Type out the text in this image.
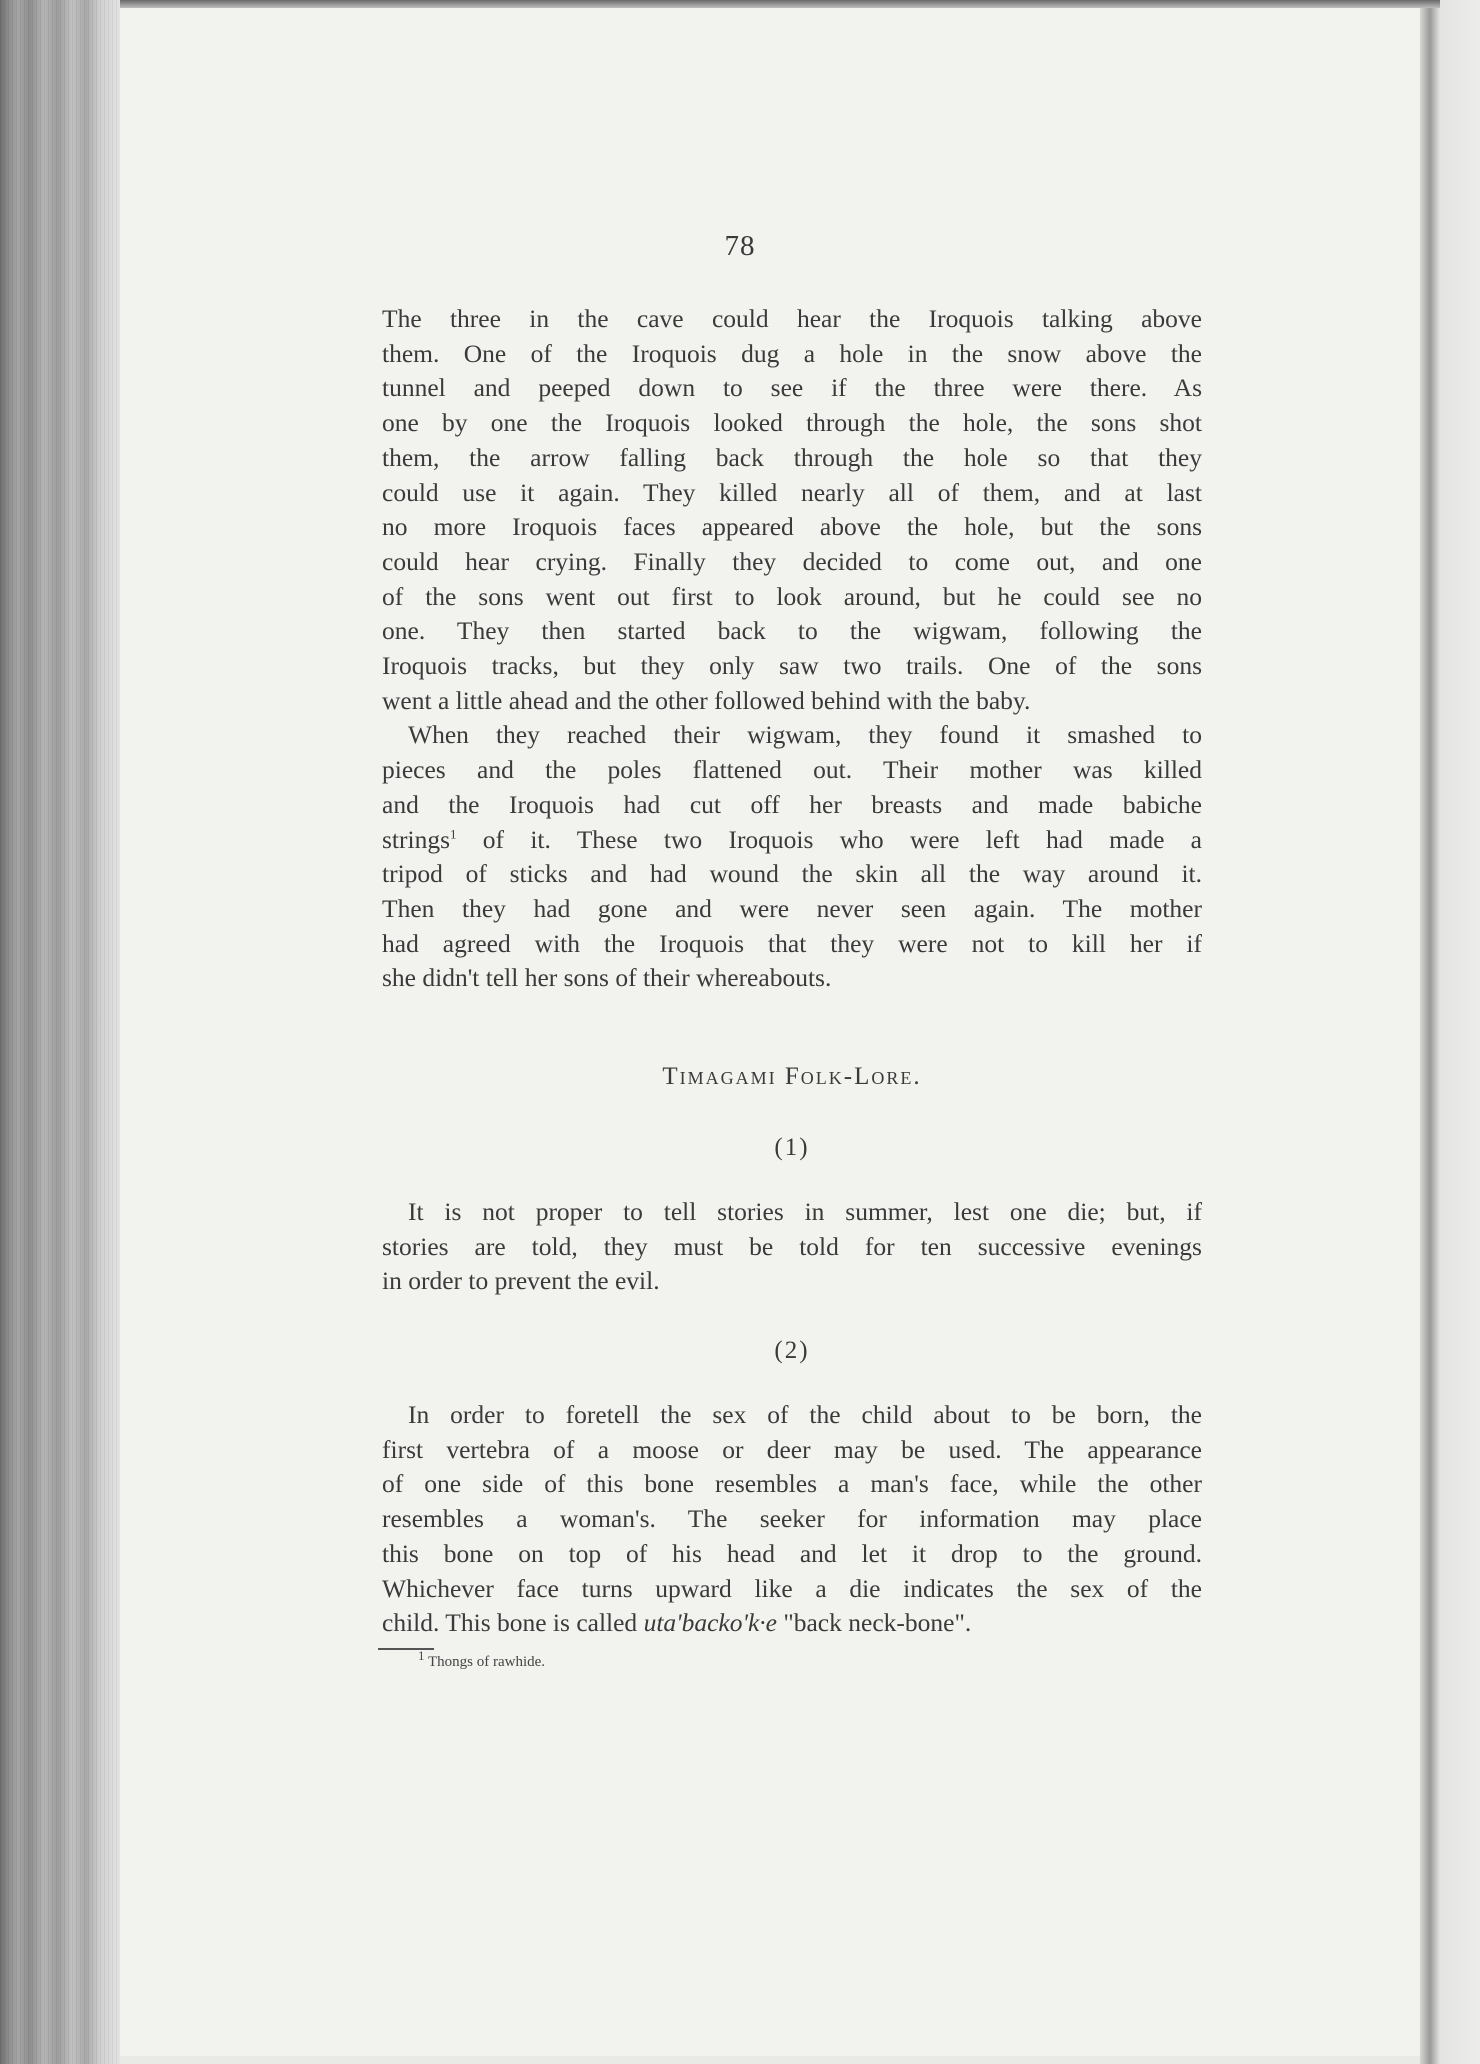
78
The three in the cave could hear the Iroquois talking above
them. One of the Iroquois dug a hole in the snow above the
tunnel and peeped down to see if the three were there. As
one by one the Iroquois looked through the hole, the sons shot
them, the arrow falling back through the hole so that they
could use it again. They killed nearly all of them, and at last
no more Iroquois faces appeared above the hole, but the sons
could hear crying. Finally they decided to come out, and one
of the sons went out first to look around, but he could see no
one. They then started back to the wigwam, following the
Iroquois tracks, but they only saw two trails. One of the sons
went a little ahead and the other followed behind with the baby.
When they reached their wigwam, they found it smashed to
pieces and the poles flattened out. Their mother was killed
and the Iroquois had cut off her breasts and made babiche
strings$^1$ of it. These two Iroquois who were left had made a
tripod of sticks and had wound the skin all the way around it.
Then they had gone and were never seen again. The mother
had agreed with the Iroquois that they were not to kill her if
she didn't tell her sons of their whereabouts.
Timagami Folk-Lore.
(1)
It is not proper to tell stories in summer, lest one die; but, if
stories are told, they must be told for ten successive evenings
in order to prevent the evil.
(2)
In order to foretell the sex of the child about to be born, the
first vertebra of a moose or deer may be used. The appearance
of one side of this bone resembles a man's face, while the other
resembles a woman's. The seeker for information may place
this bone on top of his head and let it drop to the ground.
Whichever face turns upward like a die indicates the sex of the
child. This bone is called uta'backo'k·e "back neck-bone".
1 Thongs of rawhide.
